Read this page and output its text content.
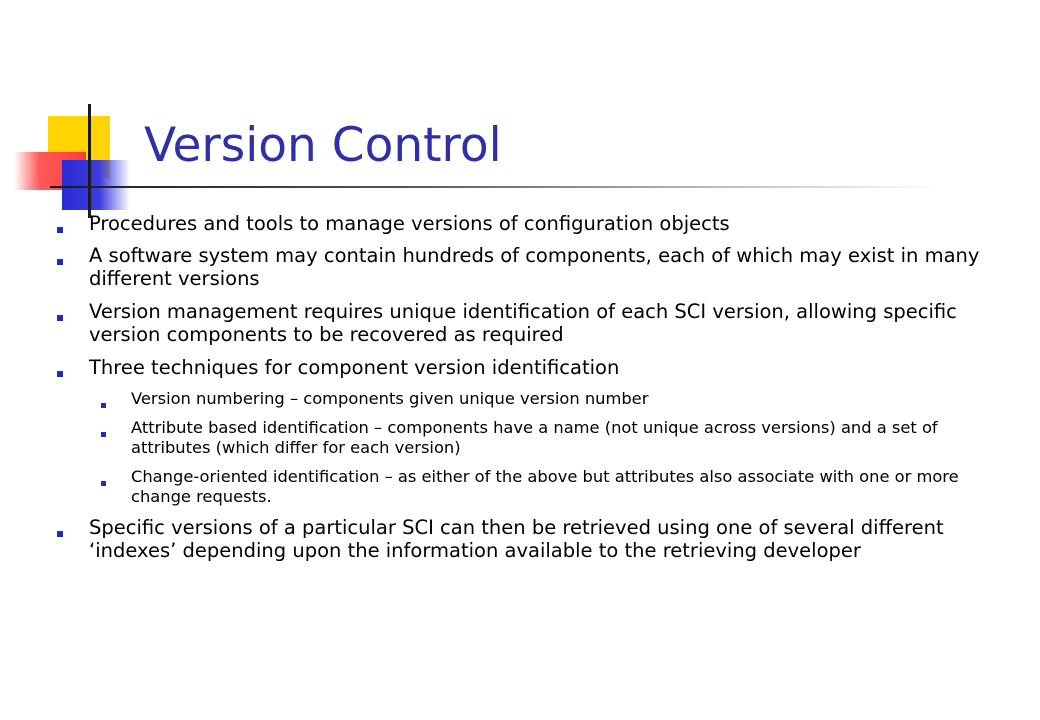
Version Control
Procedures and tools to manage versions of configuration objects
A software system may contain hundreds of components, each of which may exist in many different versions
Version management requires unique identification of each SCI version, allowing specific version components to be recovered as required
Three techniques for component version identification
Version numbering – components given unique version number
Attribute based identification – components have a name (not unique across versions) and a set of attributes (which differ for each version)
Change-oriented identification – as either of the above but attributes also associate with one or more change requests.
Specific versions of a particular SCI can then be retrieved using one of several different ‘indexes’ depending upon the information available to the retrieving developer
